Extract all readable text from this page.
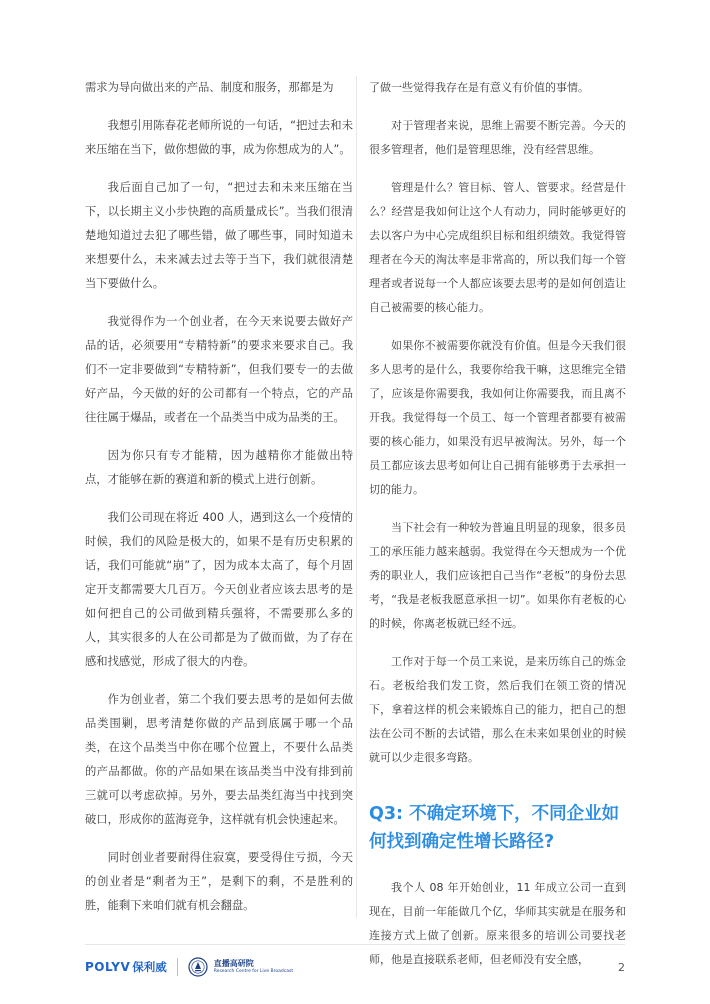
需求为导向做出来的产品、制度和服务，那都是为

我想引用陈春花老师所说的一句话，“把过去和未来压缩在当下，做你想做的事，成为你想成为的人”。

我后面自己加了一句，“把过去和未来压缩在当下，以长期主义小步快跑的高质量成长”。当我们很清楚地知道过去犯了哪些错，做了哪些事，同时知道未来想要什么，未来减去过去等于当下，我们就很清楚当下要做什么。

我觉得作为一个创业者，在今天来说要去做好产品的话，必须要用“专精特新”的要求来要求自己。我们不一定非要做到“专精特新”，但我们要专一的去做好产品，今天做的好的公司都有一个特点，它的产品往往属于爆品，或者在一个品类当中成为品类的王。

因为你只有专才能精，因为越精你才能做出特点，才能够在新的赛道和新的模式上进行创新。

我们公司现在将近 400 人，遇到这么一个疫情的时候，我们的风险是极大的，如果不是有历史积累的话，我们可能就“崩”了，因为成本太高了，每个月固定开支都需要大几百万。今天创业者应该去思考的是如何把自己的公司做到精兵强将，不需要那么多的人，其实很多的人在公司都是为了做而做，为了存在感和找感觉，形成了很大的内卷。

作为创业者，第二个我们要去思考的是如何去做品类围剿，思考清楚你做的产品到底属于哪一个品类，在这个品类当中你在哪个位置上，不要什么品类的产品都做。你的产品如果在该品类当中没有排到前三就可以考虑砍掉。另外，要去品类红海当中找到突破口，形成你的蓝海竞争，这样就有机会快速起来。

同时创业者要耐得住寂寞，要受得住亏损，今天的创业者是“剩者为王”，是剩下的剩，不是胜利的胜，能剩下来咱们就有机会翻盘。

了做一些觉得我存在是有意义有价值的事情。

对于管理者来说，思维上需要不断完善。今天的很多管理者，他们是管理思维，没有经营思维。

管理是什么？管目标、管人、管要求。经营是什么？经营是我如何让这个人有动力，同时能够更好的去以客户为中心完成组织目标和组织绩效。我觉得管理者在今天的淘汰率是非常高的，所以我们每一个管理者或者说每一个人都应该要去思考的是如何创造让自己被需要的核心能力。

如果你不被需要你就没有价值。但是今天我们很多人思考的是什么，我要你给我干嘛，这思维完全错了，应该是你需要我，我如何让你需要我，而且离不开我。我觉得每一个员工、每一个管理者都要有被需要的核心能力，如果没有迟早被淘汰。另外，每一个员工都应该去思考如何让自己拥有能够勇于去承担一切的能力。

当下社会有一种较为普遍且明显的现象，很多员工的承压能力越来越弱。我觉得在今天想成为一个优秀的职业人，我们应该把自己当作“老板”的身份去思考，“我是老板我愿意承担一切”。如果你有老板的心的时候，你离老板就已经不远。

工作对于每一个员工来说，是来历练自己的炼金石。老板给我们发工资，然后我们在领工资的情况下，拿着这样的机会来锻炼自己的能力，把自己的想法在公司不断的去试错，那么在未来如果创业的时候就可以少走很多弯路。

Q3: 不确定环境下，不同企业如何找到确定性增长路径?

我个人 08 年开始创业，11 年成立公司一直到现在，目前一年能做几个亿，华师其实就是在服务和连接方式上做了创新。原来很多的培训公司要找老师，他是直接联系老师，但老师没有安全感，

POLYV 保利威	直播高研院
Research Centre for Live Broadcast	2
